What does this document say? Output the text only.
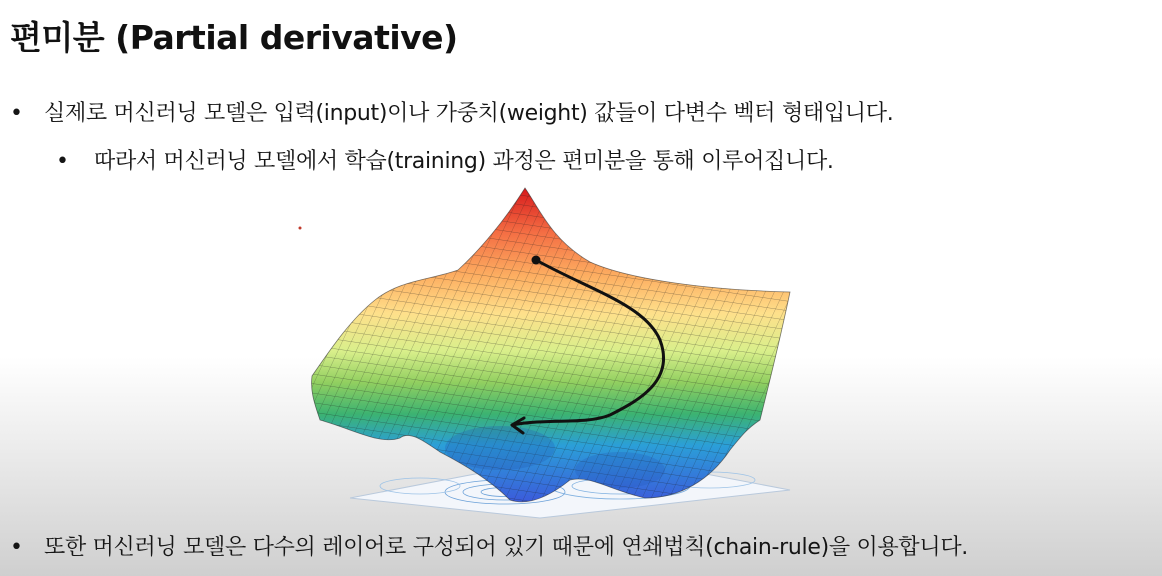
편미분 (Partial derivative)
• 실제로 머신러닝 모델은 입력(input)이나 가중치(weight) 값들이 다변수 벡터 형태입니다.
• 따라서 머신러닝 모델에서 학습(training) 과정은 편미분을 통해 이루어집니다.
• 또한 머신러닝 모델은 다수의 레이어로 구성되어 있기 때문에 연쇄법칙(chain-rule)을 이용합니다.
